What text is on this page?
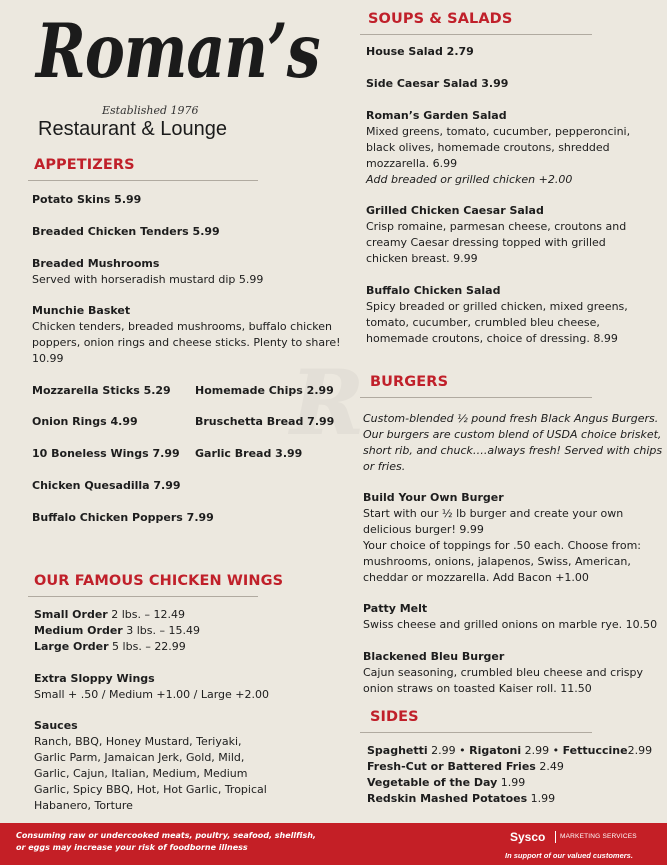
Roman’s
Established 1976
Restaurant & Lounge
APPETIZERS
Potato Skins 5.99
Breaded Chicken Tenders 5.99
Breaded Mushrooms
Served with horseradish mustard dip 5.99
Munchie Basket
Chicken tenders, breaded mushrooms, buffalo chicken
poppers, onion rings and cheese sticks. Plenty to share!
10.99
Mozzarella Sticks 5.29 Homemade Chips 2.99
Onion Rings 4.99	Bruschetta Bread 7.99
10 Boneless Wings 7.99 Garlic Bread 3.99
Chicken Quesadilla 7.99
Buffalo Chicken Poppers 7.99
OUR FAMOUS CHICKEN WINGS
Small Order 2 lbs. – 12.49
Medium Order 3 lbs. – 15.49
Large Order 5 lbs. – 22.99
Extra Sloppy Wings
Small + .50 / Medium +1.00 / Large +2.00
Sauces
Ranch, BBQ, Honey Mustard, Teriyaki,
Garlic Parm, Jamaican Jerk, Gold, Mild,
Garlic, Cajun, Italian, Medium, Medium
Garlic, Spicy BBQ, Hot, Hot Garlic, Tropical
Habanero, Torture
SOUPS & SALADS
House Salad 2.79
Side Caesar Salad 3.99
Roman’s Garden Salad
Mixed greens, tomato, cucumber, pepperoncini,
black olives, homemade croutons, shredded
mozzarella. 6.99
Add breaded or grilled chicken +2.00
Grilled Chicken Caesar Salad
Crisp romaine, parmesan cheese, croutons and
creamy Caesar dressing topped with grilled
chicken breast. 9.99
Buffalo Chicken Salad
Spicy breaded or grilled chicken, mixed greens,
tomato, cucumber, crumbled bleu cheese,
homemade croutons, choice of dressing. 8.99
BURGERS
Custom-blended ½ pound fresh Black Angus Burgers.
Our burgers are custom blend of USDA choice brisket,
short rib, and chuck….always fresh! Served with chips
or fries.
Build Your Own Burger
Start with our ½ lb burger and create your own
delicious burger! 9.99
Your choice of toppings for .50 each. Choose from:
mushrooms, onions, jalapenos, Swiss, American,
cheddar or mozzarella. Add Bacon +1.00
Patty Melt
Swiss cheese and grilled onions on marble rye. 10.50
Blackened Bleu Burger
Cajun seasoning, crumbled bleu cheese and crispy
onion straws on toasted Kaiser roll. 11.50
SIDES
Spaghetti 2.99 • Rigatoni 2.99 • Fettuccine2.99
Fresh-Cut or Battered Fries 2.49
Vegetable of the Day 1.99
Redskin Mashed Potatoes 1.99
Consuming raw or undercooked meats, poultry, seafood, shellfish,
or eggs may increase your risk of foodborne illness
Sysco MARKETING SERVICES
In support of our valued customers.
